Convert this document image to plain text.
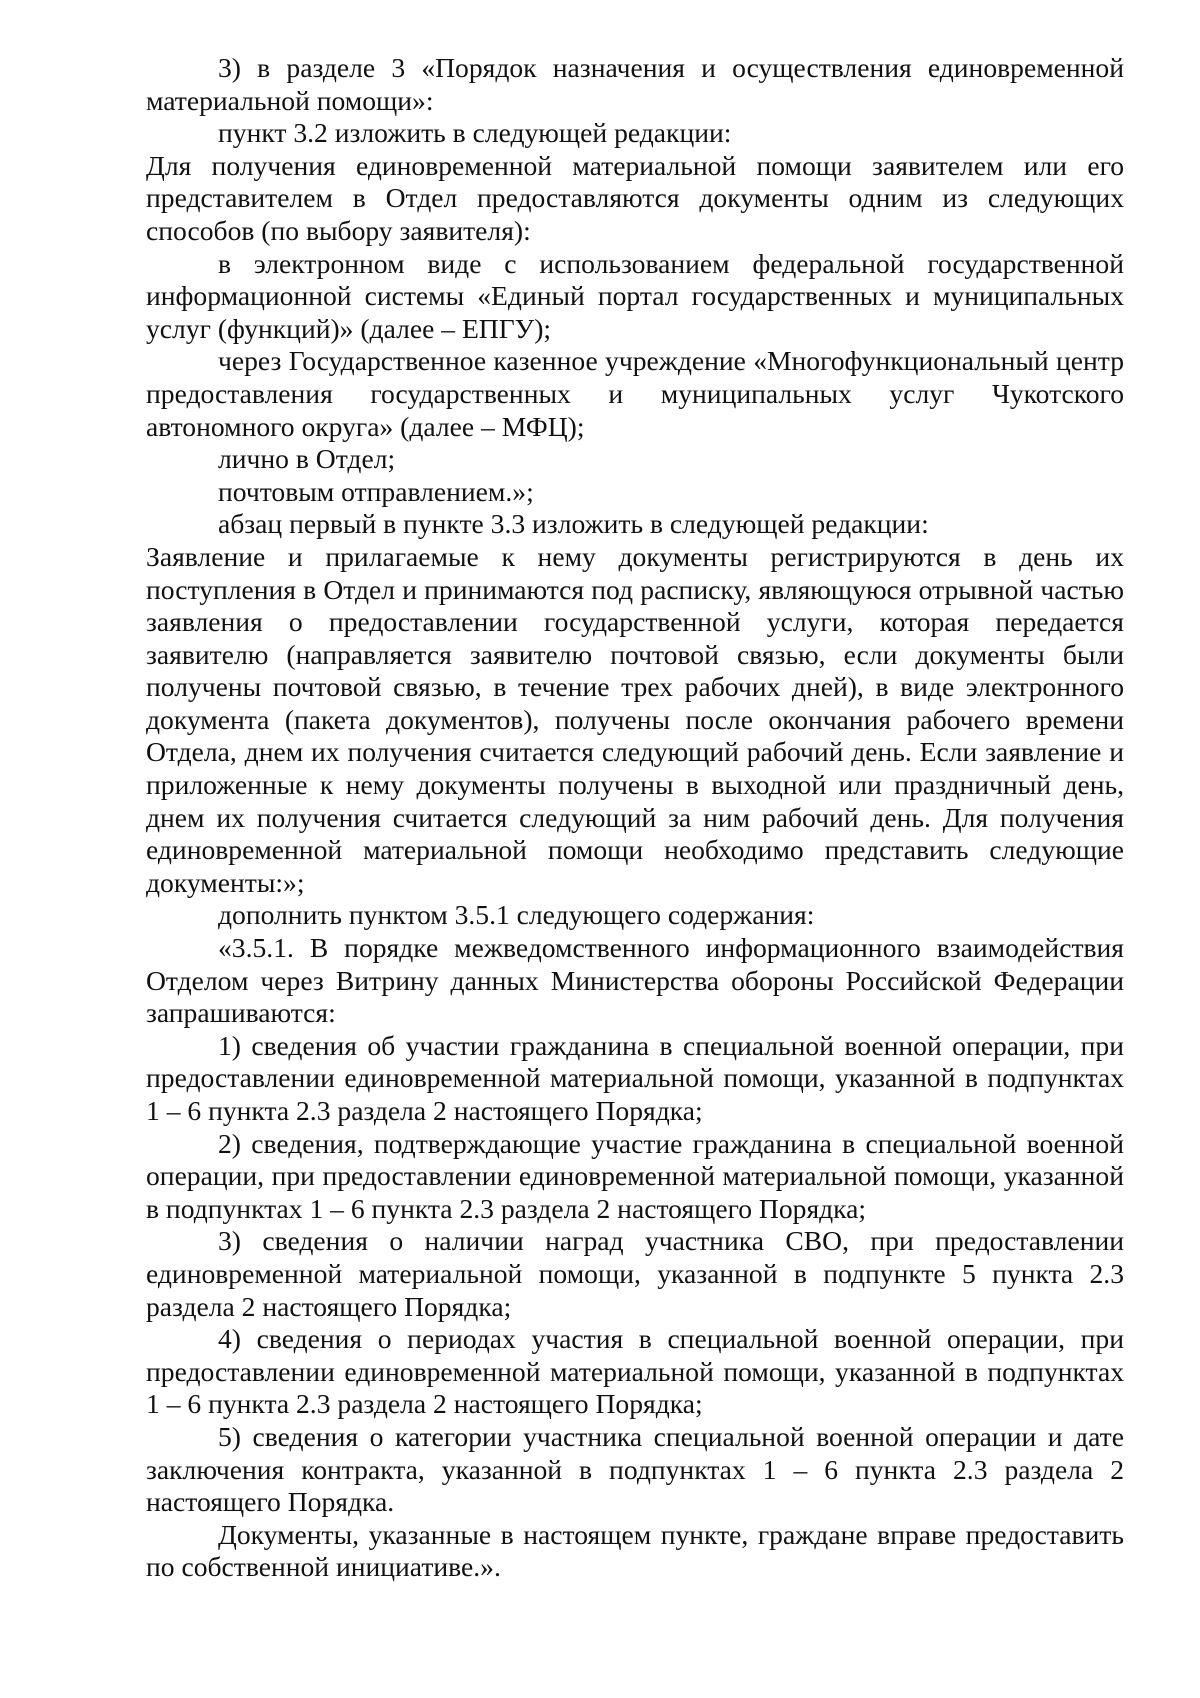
3) в разделе 3 «Порядок назначения и осуществления единовременной материальной помощи»:

пункт 3.2 изложить в следующей редакции:

Для получения единовременной материальной помощи заявителем или его представителем в Отдел предоставляются документы одним из следующих способов (по выбору заявителя):

в электронном виде с использованием федеральной государственной информационной системы «Единый портал государственных и муниципальных услуг (функций)» (далее – ЕПГУ);

через Государственное казенное учреждение «Многофункциональный центр предоставления государственных и муниципальных услуг Чукотского автономного округа» (далее – МФЦ);

лично в Отдел;

почтовым отправлением.»;

абзац первый в пункте 3.3 изложить в следующей редакции:

Заявление и прилагаемые к нему документы регистрируются в день их поступления в Отдел и принимаются под расписку, являющуюся отрывной частью заявления о предоставлении государственной услуги, которая передается заявителю (направляется заявителю почтовой связью, если документы были получены почтовой связью, в течение трех рабочих дней), в виде электронного документа (пакета документов), получены после окончания рабочего времени Отдела, днем их получения считается следующий рабочий день. Если заявление и приложенные к нему документы получены в выходной или праздничный день, днем их получения считается следующий за ним рабочий день. Для получения единовременной материальной помощи необходимо представить следующие документы:»;

дополнить пунктом 3.5.1 следующего содержания:

«3.5.1. В порядке межведомственного информационного взаимодействия Отделом через Витрину данных Министерства обороны Российской Федерации запрашиваются:

1) сведения об участии гражданина в специальной военной операции, при предоставлении единовременной материальной помощи, указанной в подпунктах 1 – 6 пункта 2.3 раздела 2 настоящего Порядка;

2) сведения, подтверждающие участие гражданина в специальной военной операции, при предоставлении единовременной материальной помощи, указанной в подпунктах 1 – 6 пункта 2.3 раздела 2 настоящего Порядка;

3) сведения о наличии наград участника СВО, при предоставлении единовременной материальной помощи, указанной в подпункте 5 пункта 2.3 раздела 2 настоящего Порядка;

4) сведения о периодах участия в специальной военной операции, при предоставлении единовременной материальной помощи, указанной в подпунктах 1 – 6 пункта 2.3 раздела 2 настоящего Порядка;

5) сведения о категории участника специальной военной операции и дате заключения контракта, указанной в подпунктах 1 – 6 пункта 2.3 раздела 2 настоящего Порядка.

Документы, указанные в настоящем пункте, граждане вправе предоставить по собственной инициативе.».
